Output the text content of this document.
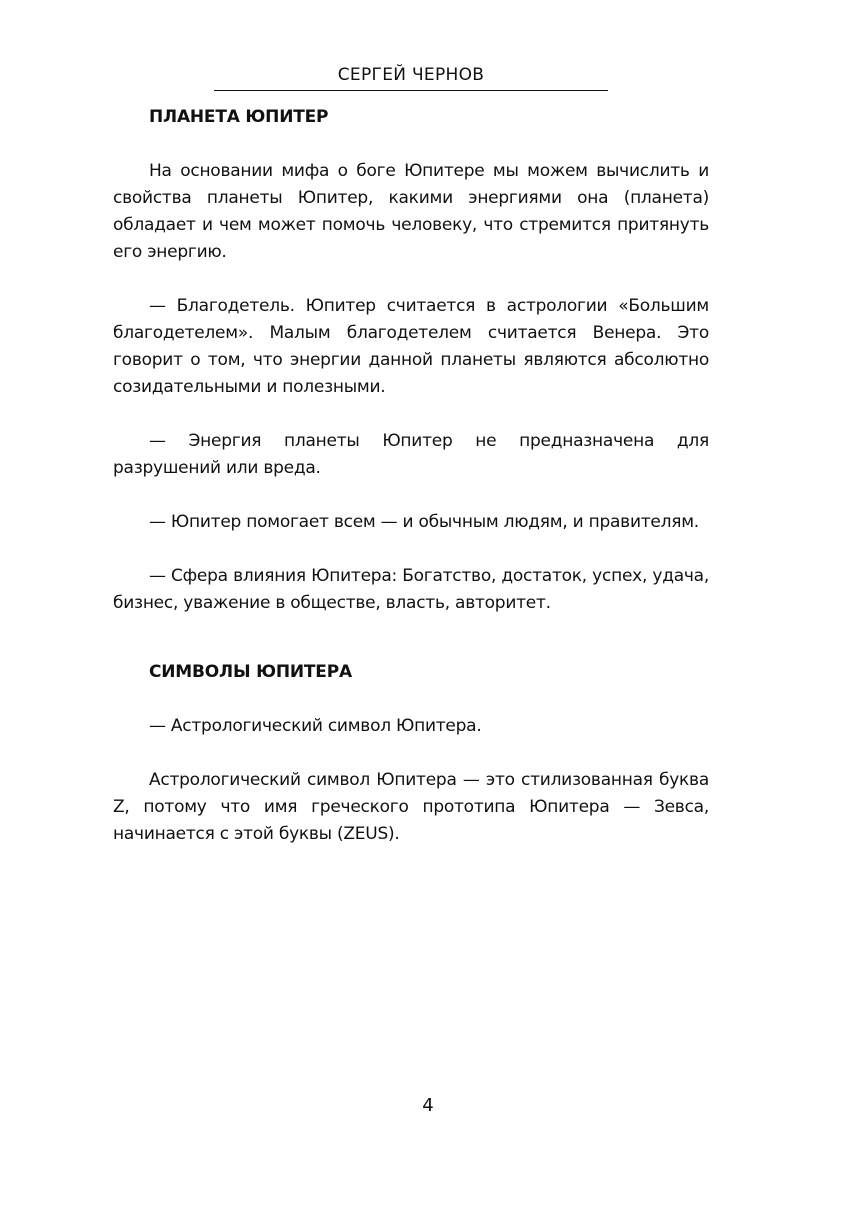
СЕРГЕЙ ЧЕРНОВ

ПЛАНЕТА ЮПИТЕР

На основании мифа о боге Юпитере мы можем вычислить и свойства планеты Юпитер, какими энергиями она (планета) обладает и чем может помочь человеку, что стремится притянуть его энергию.

— Благодетель. Юпитер считается в астрологии «Большим благодетелем». Малым благодетелем считается Венера. Это говорит о том, что энергии данной планеты являются абсолютно созидательными и полезными.

— Энергия планеты Юпитер не предназначена для разрушений или вреда.

— Юпитер помогает всем — и обычным людям, и правителям.

— Сфера влияния Юпитера: Богатство, достаток, успех, удача, бизнес, уважение в обществе, власть, авторитет.

СИМВОЛЫ ЮПИТЕРА

— Астрологический символ Юпитера.

Астрологический символ Юпитера — это стилизованная буква Z, потому что имя греческого прототипа Юпитера — Зевса, начинается с этой буквы (ZEUS).

4
